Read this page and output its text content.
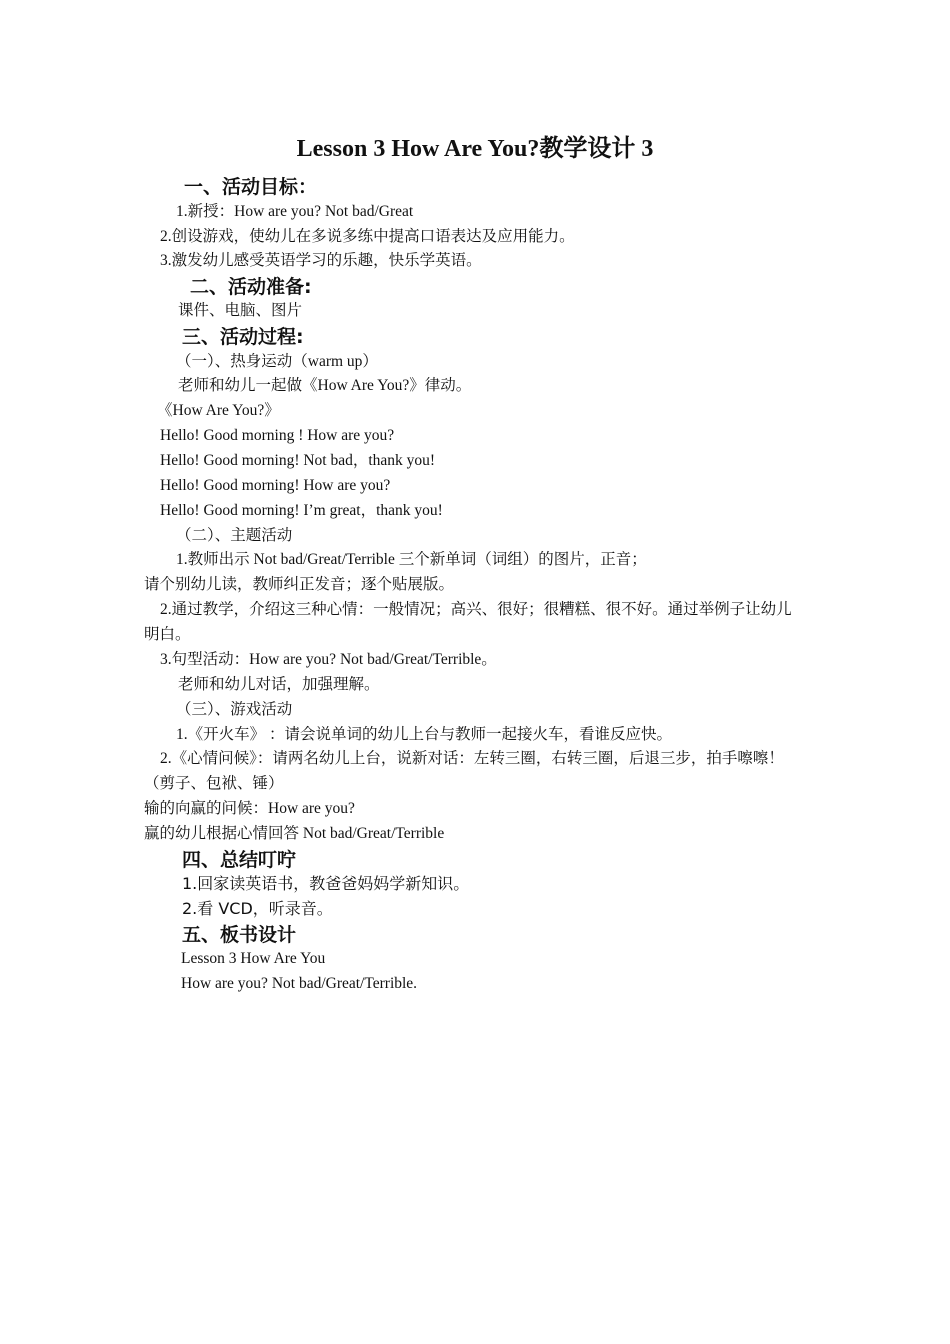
Lesson 3 How Are You?教学设计 3
一、活动目标：
1.新授：How are you? Not bad/Great
2.创设游戏，使幼儿在多说多练中提高口语表达及应用能力。
3.激发幼儿感受英语学习的乐趣，快乐学英语。
二、活动准备:
课件、电脑、图片
三、活动过程:
（一）、热身运动（warm up）
老师和幼儿一起做《How Are You?》律动。
《How Are You?》
Hello! Good morning ! How are you?
Hello! Good morning! Not bad，thank you!
Hello! Good morning! How are you?
Hello! Good morning! I’m great，thank you!
（二）、主题活动
1.教师出示 Not bad/Great/Terrible 三个新单词（词组）的图片，正音；
请个别幼儿读，教师纠正发音；逐个贴展版。
2.通过教学，介绍这三种心情：一般情况；高兴、很好；很糟糕、很不好。通过举例子让幼儿
明白。
3.句型活动：How are you? Not bad/Great/Terrible。
老师和幼儿对话，加强理解。
（三）、游戏活动
1.《开火车》 ：请会说单词的幼儿上台与教师一起接火车，看谁反应快。
2.《心情问候》：请两名幼儿上台，说新对话：左转三圈，右转三圈，后退三步，拍手嚓嚓！
（剪子、包袱、锤）
输的向赢的问候：How are you?
赢的幼儿根据心情回答 Not bad/Great/Terrible
四、总结叮咛
1.回家读英语书，教爸爸妈妈学新知识。
2.看 VCD，听录音。
五、板书设计
Lesson 3 How Are You
How are you? Not bad/Great/Terrible.
